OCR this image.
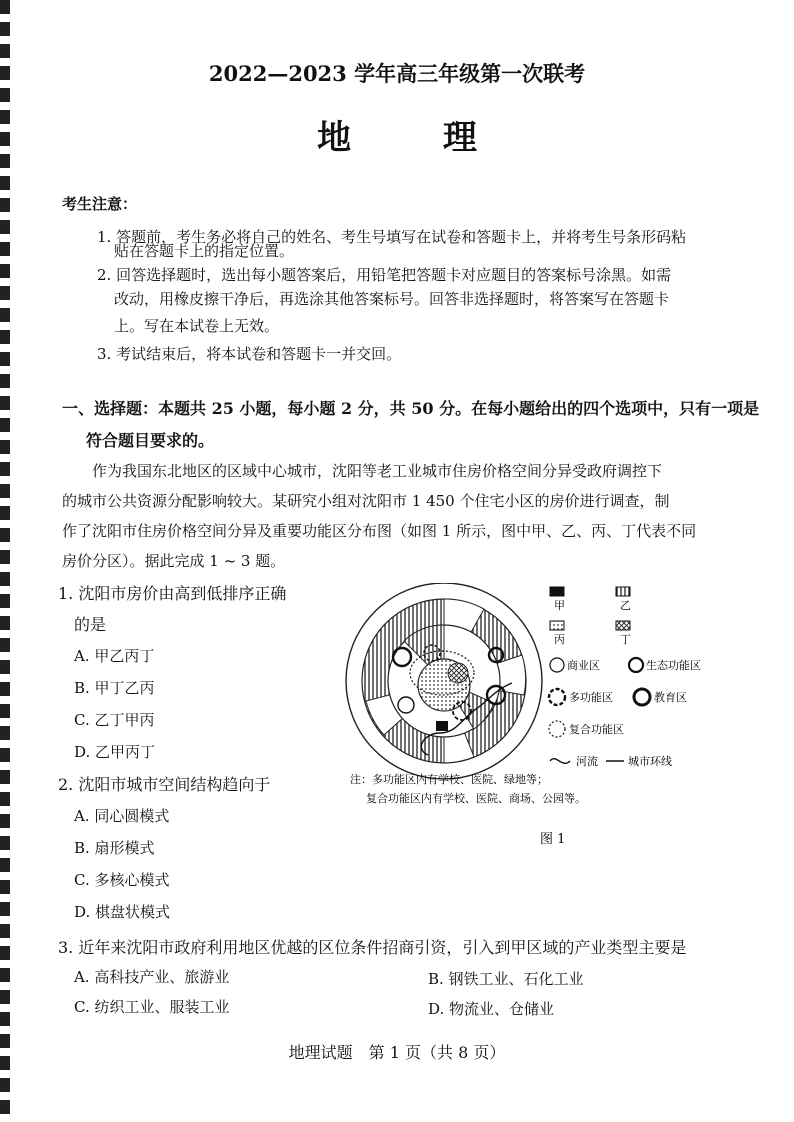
2022—2023 学年高三年级第一次联考
地 理
考生注意：
1. 答题前，考生务必将自己的姓名、考生号填写在试卷和答题卡上，并将考生号条形码粘
贴在答题卡上的指定位置。
2. 回答选择题时，选出每小题答案后，用铅笔把答题卡对应题目的答案标号涂黑。如需
改动，用橡皮擦干净后，再选涂其他答案标号。回答非选择题时，将答案写在答题卡
上。写在本试卷上无效。
3. 考试结束后，将本试卷和答题卡一并交回。
一、选择题：本题共 25 小题，每小题 2 分，共 50 分。在每小题给出的四个选项中，只有一项是
符合题目要求的。
作为我国东北地区的区域中心城市，沈阳等老工业城市住房价格空间分异受政府调控下
的城市公共资源分配影响较大。某研究小组对沈阳市 1 450 个住宅小区的房价进行调查，制
作了沈阳市住房价格空间分异及重要功能区分布图（如图 1 所示，图中甲、乙、丙、丁代表不同
房价分区）。据此完成 1 ~ 3 题。
1. 沈阳市房价由高到低排序正确
的是
A. 甲乙丙丁
B. 甲丁乙丙
C. 乙丁甲丙
D. 乙甲丙丁
2. 沈阳市城市空间结构趋向于
A. 同心圆模式
B. 扇形模式
C. 多核心模式
D. 棋盘状模式
3. 近年来沈阳市政府利用地区优越的区位条件招商引资，引入到甲区域的产业类型主要是
A. 高科技产业、旅游业	B. 钢铁工业、石化工业
C. 纺织工业、服装工业	D. 物流业、仓储业
甲	乙
丙	丁
商业区	生态功能区
多功能区	教育区
复合功能区
河流	城市环线
注：多功能区内有学校、医院、绿地等；
复合功能区内有学校、医院、商场、公园等。
图 1
地理试题　第 1 页（共 8 页）
